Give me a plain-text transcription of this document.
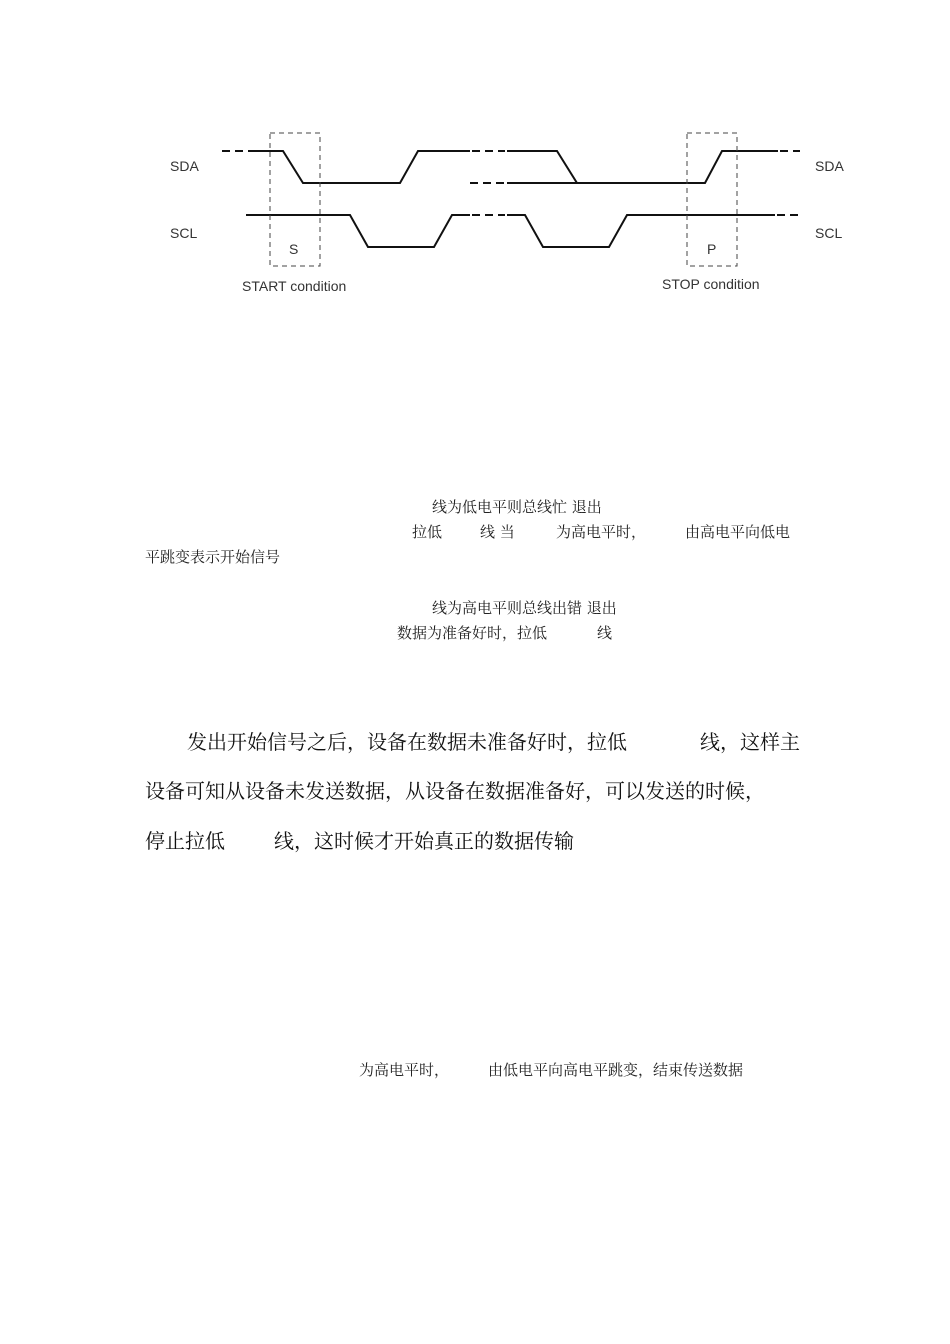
SDA	SDA
SCL	SCL
S
START condition
P
STOP condition
线为低电平则总线忙 退出
拉低	线 当	为高电平时，	由高电平向低电
平跳变表示开始信号
线为高电平则总线出错 退出
数据为准备好时，拉低	线
发出开始信号之后，设备在数据未准备好时，拉低	线，这样主
设备可知从设备未发送数据，从设备在数据准备好，可以发送的时候，
停止拉低 线，这时候才开始真正的数据传输
为高电平时，	由低电平向高电平跳变，结束传送数据
